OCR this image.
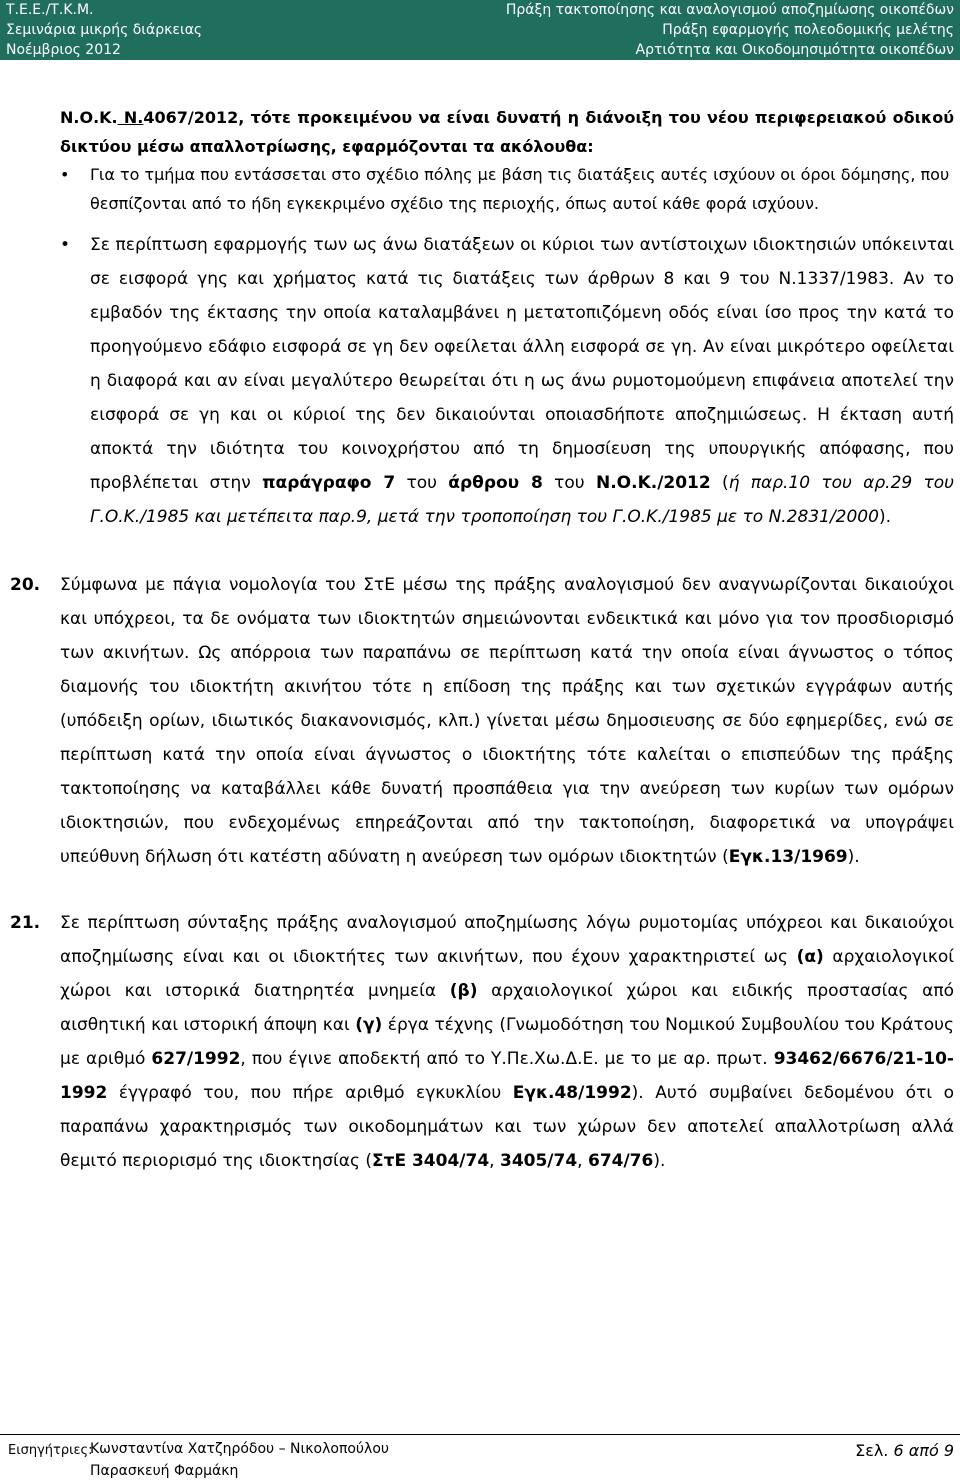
Τ.Ε.Ε./Τ.Κ.Μ.
Σεμινάρια μικρής διάρκειας
Νοέμβριος 2012
Πράξη τακτοποίησης και αναλογισμού αποζημίωσης οικοπέδων
Πράξη εφαρμογής πολεοδομικής μελέτης
Αρτιότητα και Οικοδομησιμότητα οικοπέδων

Ν.Ο.Κ. Ν.4067/2012, τότε προκειμένου να είναι δυνατή η διάνοιξη του νέου περιφερειακού οδικού δικτύου μέσω απαλλοτρίωσης, εφαρμόζονται τα ακόλουθα:

•	Για το τμήμα που εντάσσεται στο σχέδιο πόλης με βάση τις διατάξεις αυτές ισχύουν οι όροι δόμησης, που θεσπίζονται από το ήδη εγκεκριμένο σχέδιο της περιοχής, όπως αυτοί κάθε φορά ισχύουν.
•	Σε περίπτωση εφαρμογής των ως άνω διατάξεων οι κύριοι των αντίστοιχων ιδιοκτησιών υπόκεινται σε εισφορά γης και χρήματος κατά τις διατάξεις των άρθρων 8 και 9 του Ν.1337/1983. Αν το εμβαδόν της έκτασης την οποία καταλαμβάνει η μετατοπιζόμενη οδός είναι ίσο προς την κατά το προηγούμενο εδάφιο εισφορά σε γη δεν οφείλεται άλλη εισφορά σε γη. Αν είναι μικρότερο οφείλεται η διαφορά και αν είναι μεγαλύτερο θεωρείται ότι η ως άνω ρυμοτομούμενη επιφάνεια αποτελεί την εισφορά σε γη και οι κύριοί της δεν δικαιούνται οποιασδήποτε αποζημιώσεως. Η έκταση αυτή αποκτά την ιδιότητα του κοινοχρήστου από τη δημοσίευση της υπουργικής απόφασης, που προβλέπεται στην παράγραφο 7 του άρθρου 8 του Ν.Ο.Κ./2012 (ή παρ.10 του αρ.29 του Γ.Ο.Κ./1985 και μετέπειτα παρ.9, μετά την τροποποίηση του Γ.Ο.Κ./1985 με το Ν.2831/2000).

20. Σύμφωνα με πάγια νομολογία του ΣτΕ μέσω της πράξης αναλογισμού δεν αναγνωρίζονται δικαιούχοι και υπόχρεοι, τα δε ονόματα των ιδιοκτητών σημειώνονται ενδεικτικά και μόνο για τον προσδιορισμό των ακινήτων. Ως απόρροια των παραπάνω σε περίπτωση κατά την οποία είναι άγνωστος ο τόπος διαμονής του ιδιοκτήτη ακινήτου τότε η επίδοση της πράξης και των σχετικών εγγράφων αυτής (υπόδειξη ορίων, ιδιωτικός διακανονισμός, κλπ.) γίνεται μέσω δημοσιευσης σε δύο εφημερίδες, ενώ σε περίπτωση κατά την οποία είναι άγνωστος ο ιδιοκτήτης τότε καλείται ο επισπεύδων της πράξης τακτοποίησης να καταβάλλει κάθε δυνατή προσπάθεια για την ανεύρεση των κυρίων των ομόρων ιδιοκτησιών, που ενδεχομένως επηρεάζονται από την τακτοποίηση, διαφορετικά να υπογράψει υπεύθυνη δήλωση ότι κατέστη αδύνατη η ανεύρεση των ομόρων ιδιοκτητών (Εγκ.13/1969).

21. Σε περίπτωση σύνταξης πράξης αναλογισμού αποζημίωσης λόγω ρυμοτομίας υπόχρεοι και δικαιούχοι αποζημίωσης είναι και οι ιδιοκτήτες των ακινήτων, που έχουν χαρακτηριστεί ως (α) αρχαιολογικοί χώροι και ιστορικά διατηρητέα μνημεία (β) αρχαιολογικοί χώροι και ειδικής προστασίας από αισθητική και ιστορική άποψη και (γ) έργα τέχνης (Γνωμοδότηση του Νομικού Συμβουλίου του Κράτους με αριθμό 627/1992, που έγινε αποδεκτή από το Υ.Πε.Χω.Δ.Ε. με το με αρ. πρωτ. 93462/6676/21-10-1992 έγγραφό του, που πήρε αριθμό εγκυκλίου Εγκ.48/1992). Αυτό συμβαίνει δεδομένου ότι ο παραπάνω χαρακτηρισμός των οικοδομημάτων και των χώρων δεν αποτελεί απαλλοτρίωση αλλά θεμιτό περιορισμό της ιδιοκτησίας (ΣτΕ 3404/74, 3405/74, 674/76).

Εισηγήτριες:
Κωνσταντίνα Χατζηρόδου – Νικολοπούλου
Παρασκευή Φαρμάκη
Σελ. 6 από 9
